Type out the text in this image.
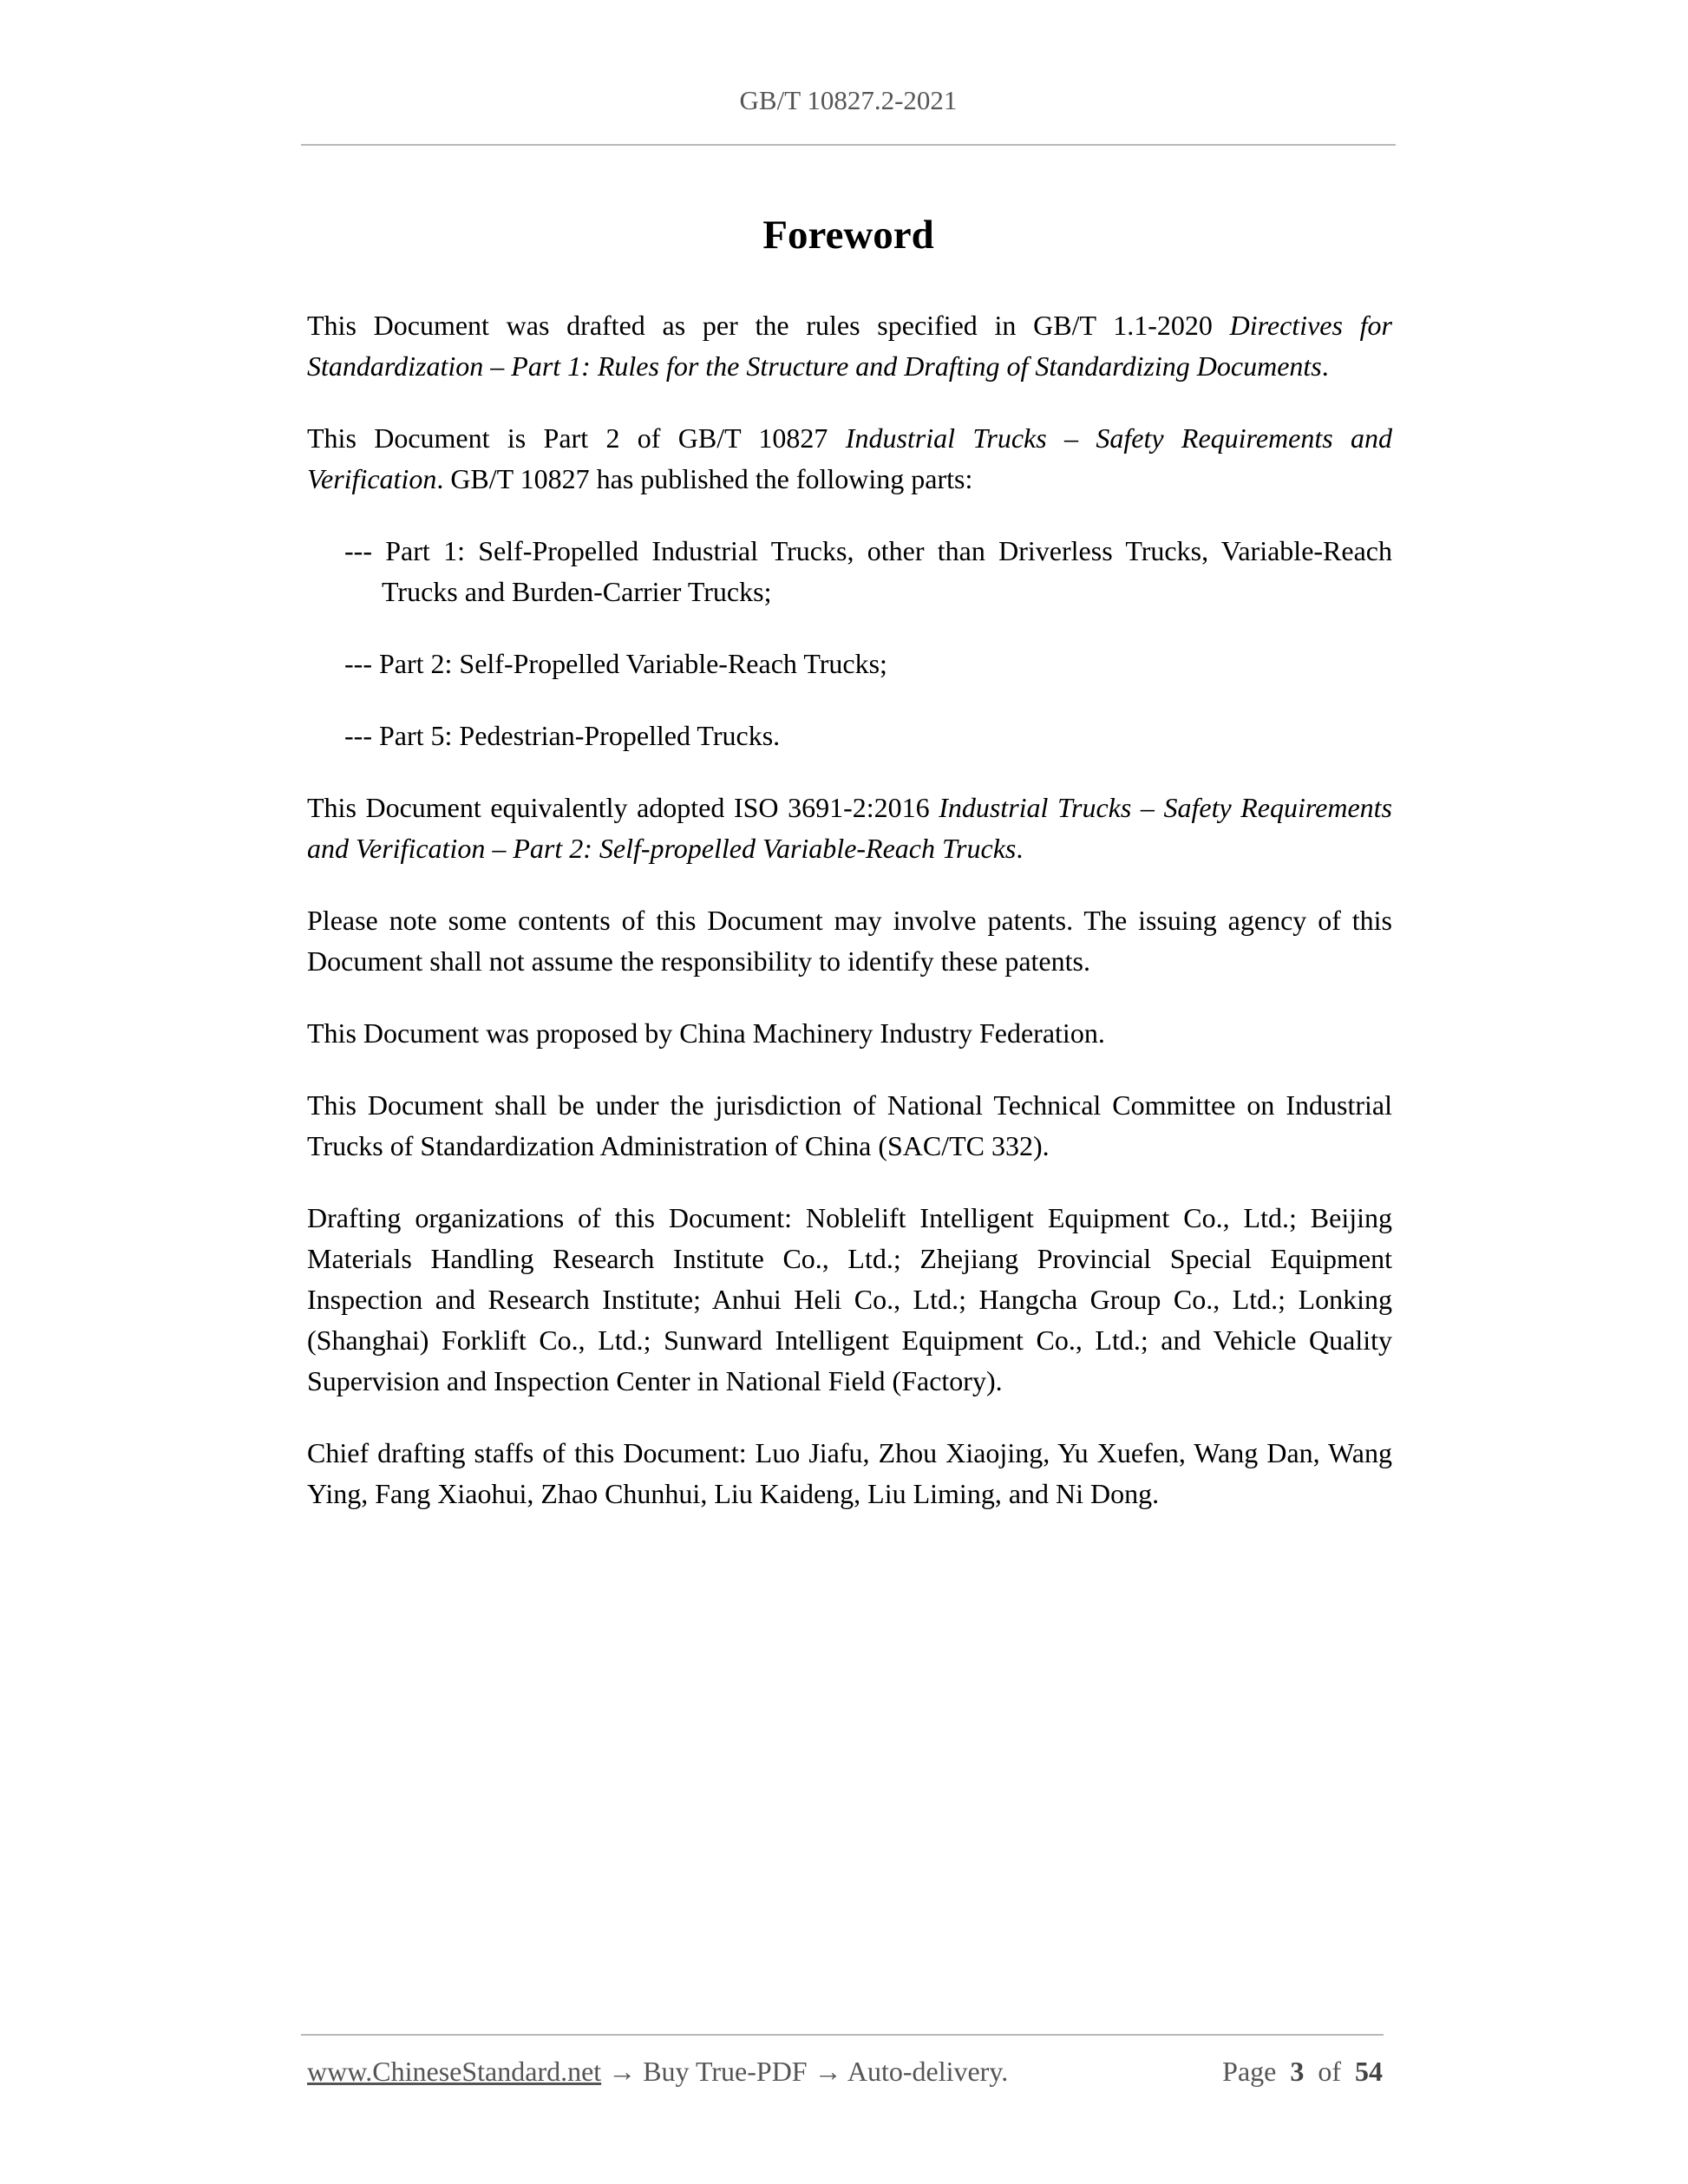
GB/T 10827.2-2021
Foreword

This Document was drafted as per the rules specified in GB/T 1.1-2020 Directives for Standardization – Part 1: Rules for the Structure and Drafting of Standardizing Documents.

This Document is Part 2 of GB/T 10827 Industrial Trucks – Safety Requirements and Verification. GB/T 10827 has published the following parts:

--- Part 1: Self-Propelled Industrial Trucks, other than Driverless Trucks, Variable-Reach Trucks and Burden-Carrier Trucks;

--- Part 2: Self-Propelled Variable-Reach Trucks;

--- Part 5: Pedestrian-Propelled Trucks.

This Document equivalently adopted ISO 3691-2:2016 Industrial Trucks – Safety Requirements and Verification – Part 2: Self-propelled Variable-Reach Trucks.

Please note some contents of this Document may involve patents. The issuing agency of this Document shall not assume the responsibility to identify these patents.

This Document was proposed by China Machinery Industry Federation.

This Document shall be under the jurisdiction of National Technical Committee on Industrial Trucks of Standardization Administration of China (SAC/TC 332).

Drafting organizations of this Document: Noblelift Intelligent Equipment Co., Ltd.; Beijing Materials Handling Research Institute Co., Ltd.; Zhejiang Provincial Special Equipment Inspection and Research Institute; Anhui Heli Co., Ltd.; Hangcha Group Co., Ltd.; Lonking (Shanghai) Forklift Co., Ltd.; Sunward Intelligent Equipment Co., Ltd.; and Vehicle Quality Supervision and Inspection Center in National Field (Factory).

Chief drafting staffs of this Document: Luo Jiafu, Zhou Xiaojing, Yu Xuefen, Wang Dan, Wang Ying, Fang Xiaohui, Zhao Chunhui, Liu Kaideng, Liu Liming, and Ni Dong.

www.ChineseStandard.net → Buy True-PDF → Auto-delivery.	Page 3 of 54
